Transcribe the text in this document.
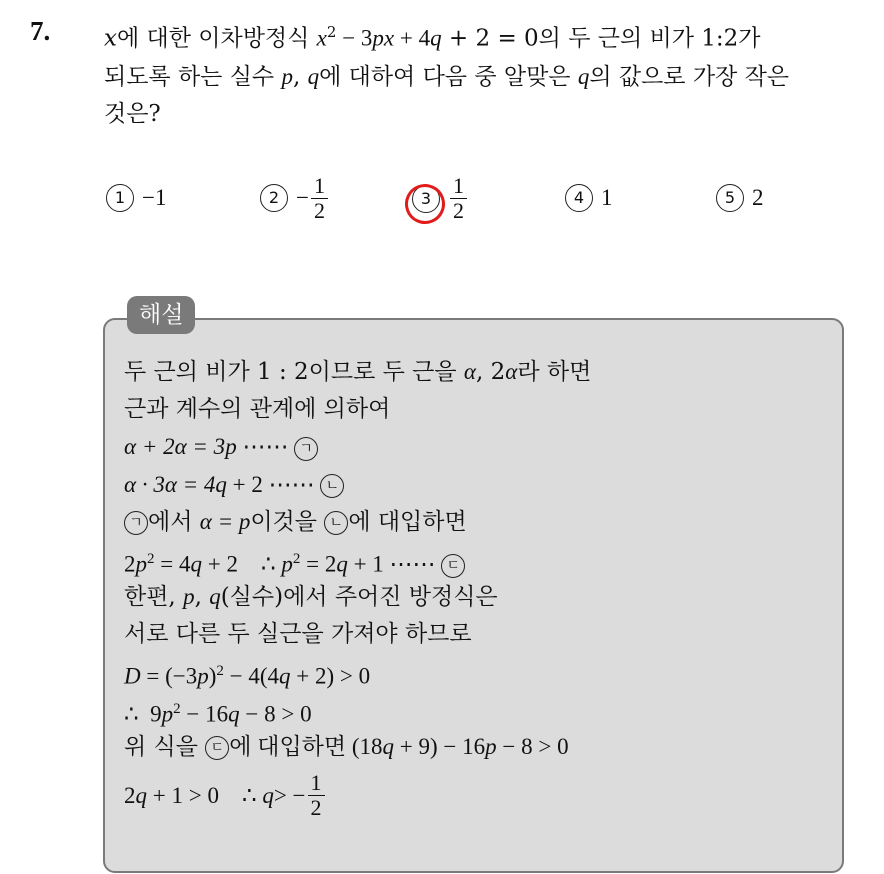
7. x에 대한 이차방정식 $x^2 - 3px + 4q + 2 = 0$의 두 근의 비가 1:2가
되도록 하는 실수 p, q에 대하여 다음 중 알맞은 q의 값으로 가장 작은
것은?
1 −1	$2 - \frac{1}{2}$	$3 \frac{1}{2}$	4 1	5 2
해설
두 근의 비가 1 : 2이므로 두 근을 α, 2α라 하면
근과 계수의 관계에 의하여
α + 2α = 3p ⋯⋯ ㄱ
α · 3α = 4q + 2 ⋯⋯ ㄴ
ㄱ 에서 α = p이것을 ㄴ 에 대입하면
$2p^2 = 4q + 2$    ∴ $p^2 = 2q + 1$ ⋯⋯ ㄷ
한편, p, q(실수)에서 주어진 방정식은
서로 다른 두 실근을 가져야 하므로
$D = (-3p)^2 - 4(4q + 2) > 0$
∴  $9p^2 - 16q - 8 > 0$
위 식을 ㄷ 에 대입하면 (18q + 9) − 16p − 8 > 0
2 q + 1 > 0    ∴ q > − $\frac{1}{2}$
